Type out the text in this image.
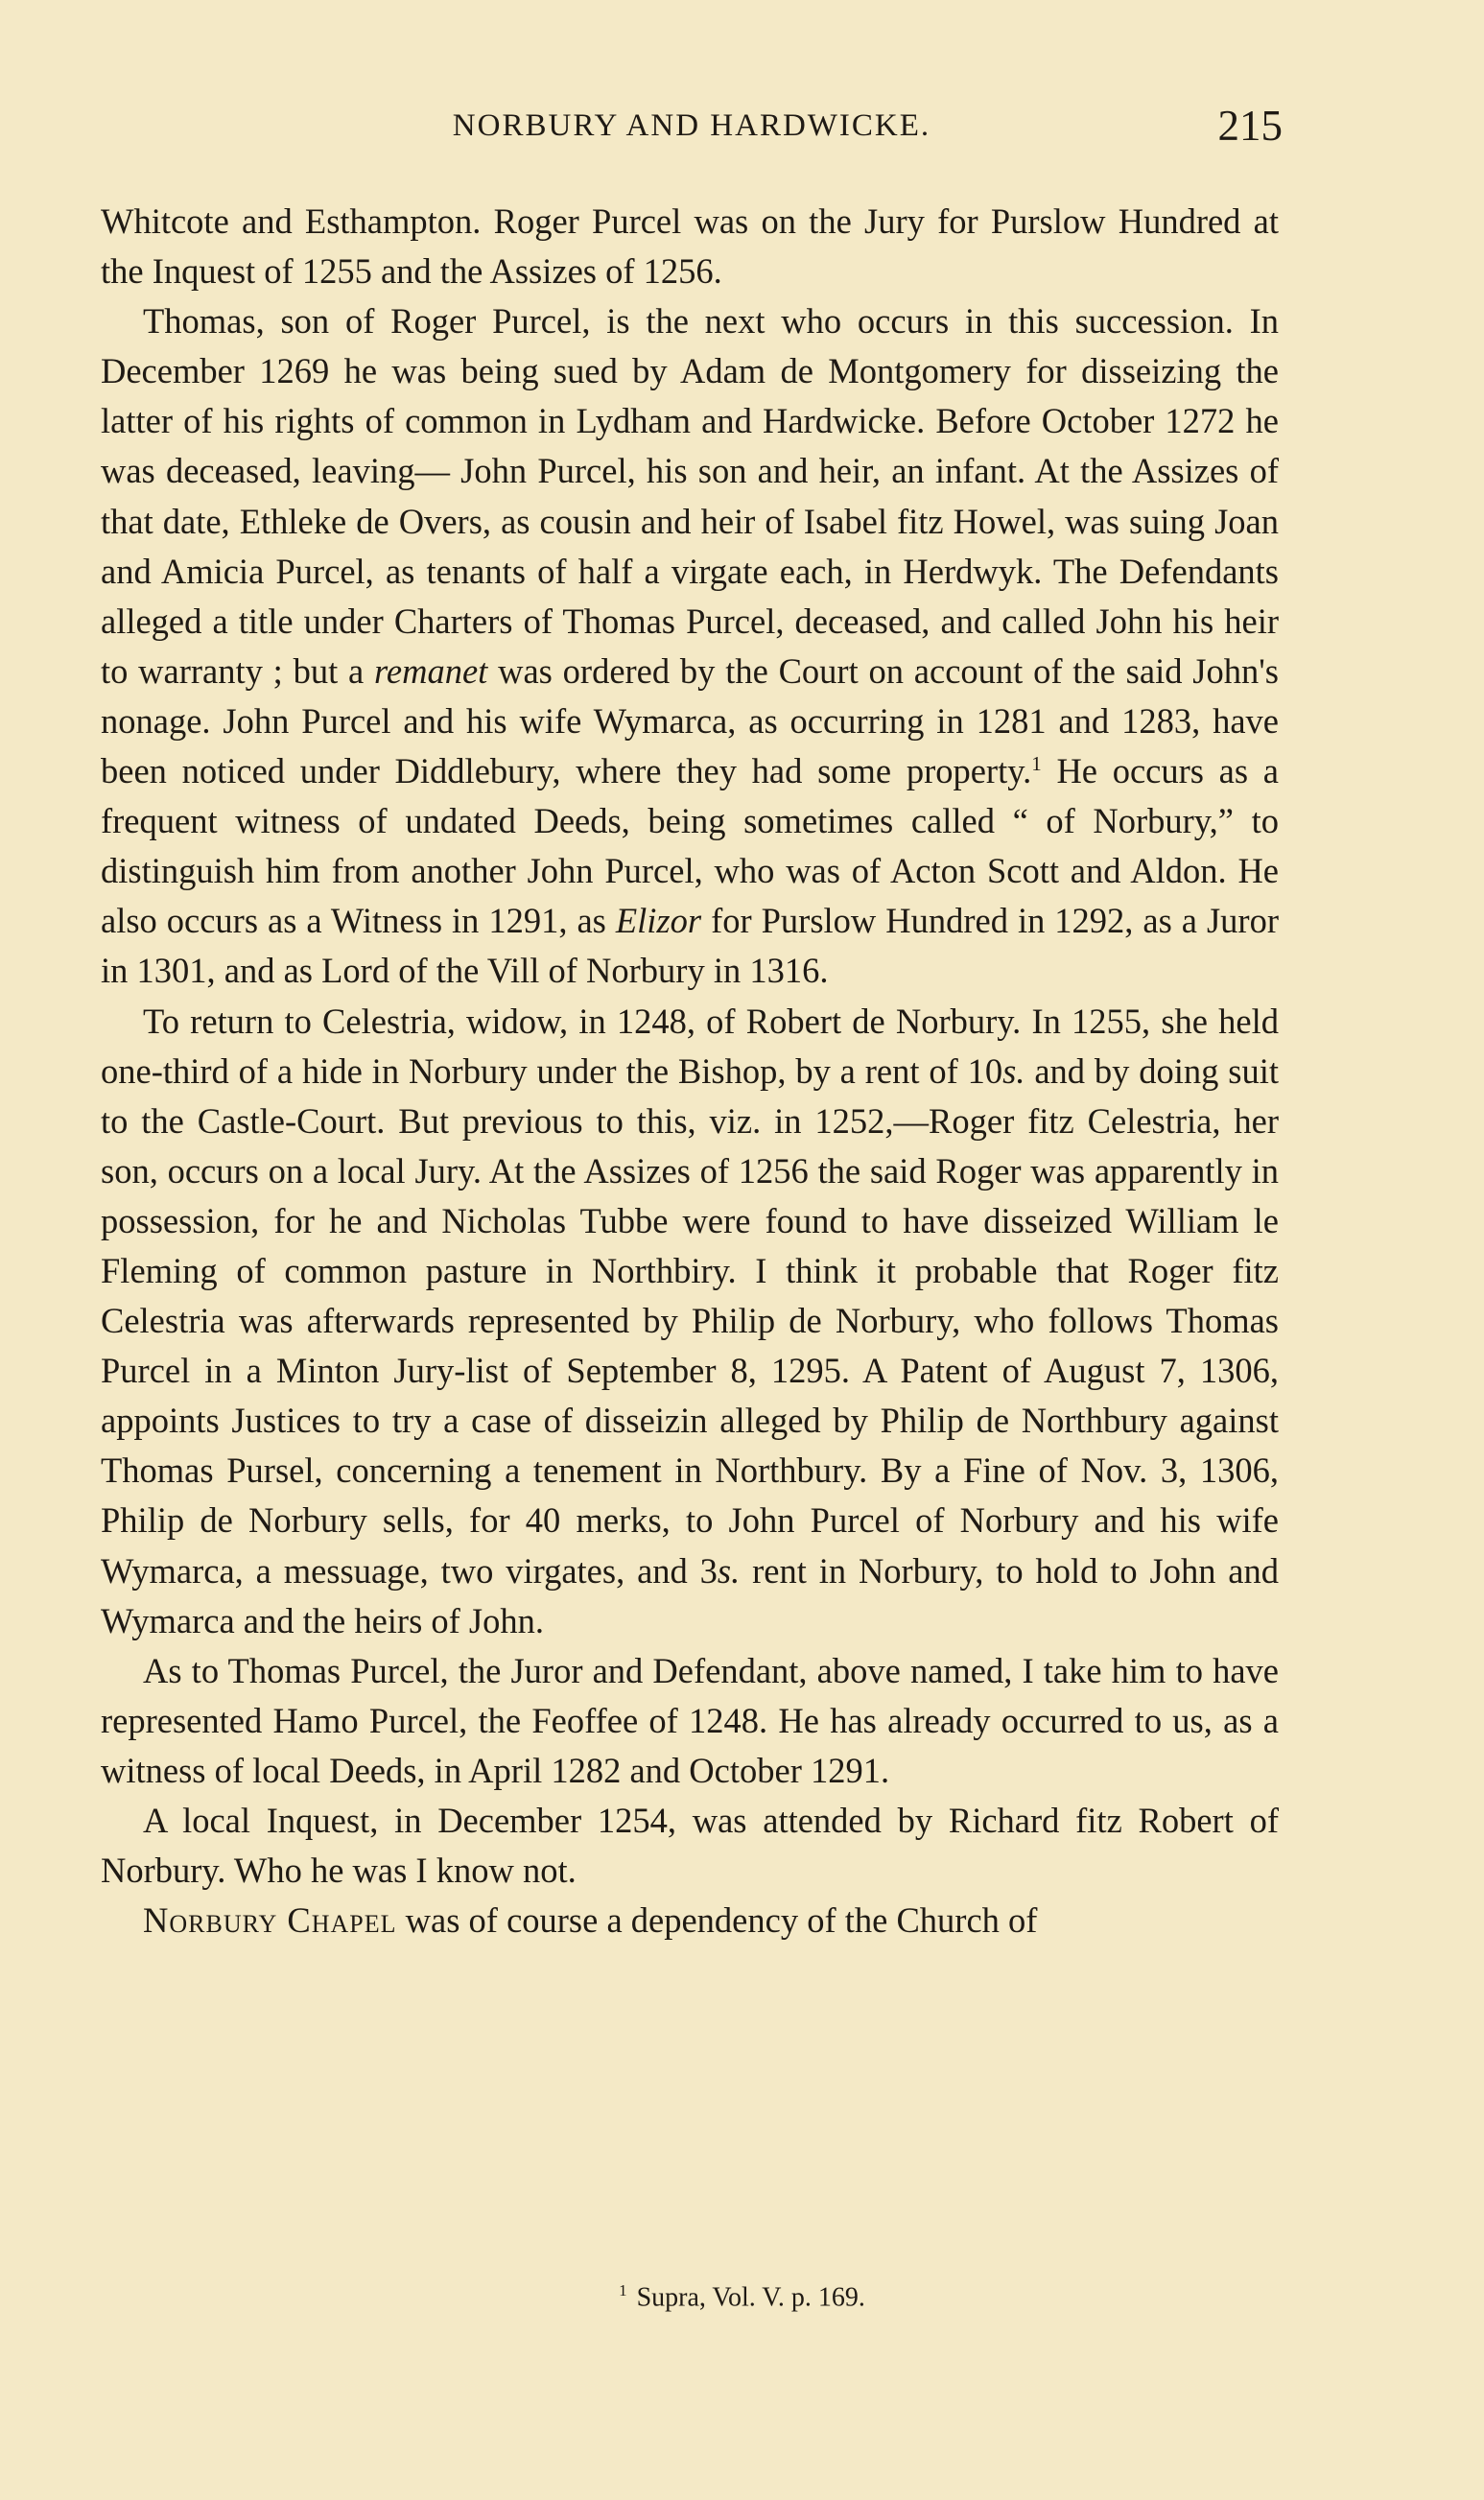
NORBURY AND HARDWICKE.	215

Whitcote and Esthampton. Roger Purcel was on the Jury for Purslow Hundred at the Inquest of 1255 and the Assizes of 1256.

Thomas, son of Roger Purcel, is the next who occurs in this succession. In December 1269 he was being sued by Adam de Montgomery for disseizing the latter of his rights of common in Lydham and Hardwicke. Before October 1272 he was deceased, leaving— John Purcel, his son and heir, an infant. At the Assizes of that date, Ethleke de Overs, as cousin and heir of Isabel fitz Howel, was suing Joan and Amicia Purcel, as tenants of half a virgate each, in Herdwyk. The Defendants alleged a title under Charters of Thomas Purcel, deceased, and called John his heir to warranty ; but a remanet was ordered by the Court on account of the said John's nonage. John Purcel and his wife Wymarca, as occurring in 1281 and 1283, have been noticed under Diddlebury, where they had some property.$^1$ He occurs as a frequent witness of undated Deeds, being sometimes called “ of Norbury,” to distinguish him from another John Purcel, who was of Acton Scott and Aldon. He also occurs as a Witness in 1291, as Elizor for Purslow Hundred in 1292, as a Juror in 1301, and as Lord of the Vill of Norbury in 1316.

To return to Celestria, widow, in 1248, of Robert de Norbury. In 1255, she held one-third of a hide in Norbury under the Bishop, by a rent of 10s. and by doing suit to the Castle-Court. But previous to this, viz. in 1252,—Roger fitz Celestria, her son, occurs on a local Jury. At the Assizes of 1256 the said Roger was apparently in possession, for he and Nicholas Tubbe were found to have disseized William le Fleming of common pasture in Northbiry. I think it probable that Roger fitz Celestria was afterwards represented by Philip de Norbury, who follows Thomas Purcel in a Minton Jury-list of September 8, 1295. A Patent of August 7, 1306, appoints Justices to try a case of disseizin alleged by Philip de Northbury against Thomas Pursel, concerning a tenement in Northbury. By a Fine of Nov. 3, 1306, Philip de Norbury sells, for 40 merks, to John Purcel of Norbury and his wife Wymarca, a messuage, two virgates, and 3s. rent in Norbury, to hold to John and Wymarca and the heirs of John.

As to Thomas Purcel, the Juror and Defendant, above named, I take him to have represented Hamo Purcel, the Feoffee of 1248. He has already occurred to us, as a witness of local Deeds, in April 1282 and October 1291.

A local Inquest, in December 1254, was attended by Richard fitz Robert of Norbury. Who he was I know not.

Norbury Chapel was of course a dependency of the Church of

$^1$ Supra, Vol. V. p. 169.
